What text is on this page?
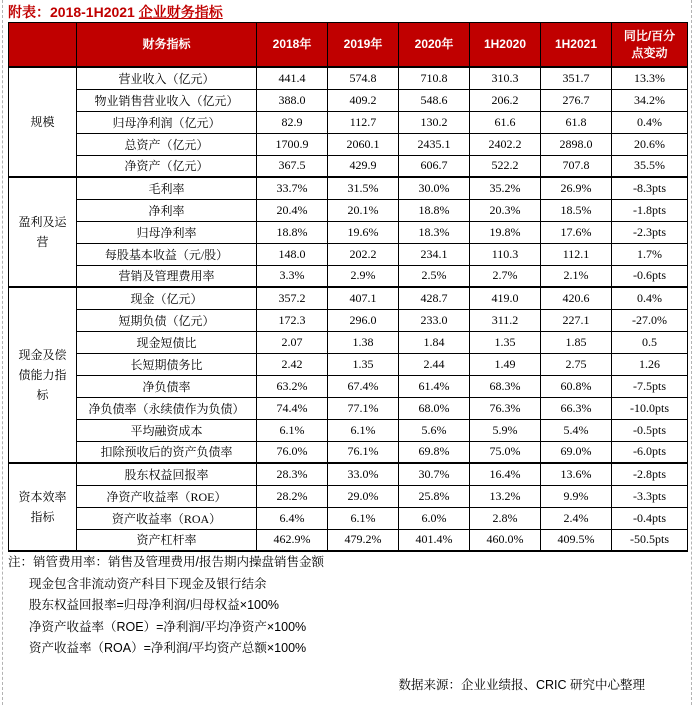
附表：2018-1H2021 企业财务指标
	财务指标	2018年	2019年	2020年	1H2020	1H2021	同比/百分点变动
规模	营业收入（亿元）	441.4	574.8	710.8	310.3	351.7	13.3%
	物业销售营业收入（亿元）	388.0	409.2	548.6	206.2	276.7	34.2%
	归母净利润（亿元）	82.9	112.7	130.2	61.6	61.8	0.4%
	总资产（亿元）	1700.9	2060.1	2435.1	2402.2	2898.0	20.6%
	净资产（亿元）	367.5	429.9	606.7	522.2	707.8	35.5%
盈利及运营	毛利率	33.7%	31.5%	30.0%	35.2%	26.9%	-8.3pts
	净利率	20.4%	20.1%	18.8%	20.3%	18.5%	-1.8pts
	归母净利率	18.8%	19.6%	18.3%	19.8%	17.6%	-2.3pts
	每股基本收益（元/股）	148.0	202.2	234.1	110.3	112.1	1.7%
	营销及管理费用率	3.3%	2.9%	2.5%	2.7%	2.1%	-0.6pts
现金及偿债能力指标	现金（亿元）	357.2	407.1	428.7	419.0	420.6	0.4%
	短期负债（亿元）	172.3	296.0	233.0	311.2	227.1	-27.0%
	现金短债比	2.07	1.38	1.84	1.35	1.85	0.5
	长短期债务比	2.42	1.35	2.44	1.49	2.75	1.26
	净负债率	63.2%	67.4%	61.4%	68.3%	60.8%	-7.5pts
	净负债率（永续债作为负债）	74.4%	77.1%	68.0%	76.3%	66.3%	-10.0pts
	平均融资成本	6.1%	6.1%	5.6%	5.9%	5.4%	-0.5pts
	扣除预收后的资产负债率	76.0%	76.1%	69.8%	75.0%	69.0%	-6.0pts
资本效率指标	股东权益回报率	28.3%	33.0%	30.7%	16.4%	13.6%	-2.8pts
	净资产收益率（ROE）	28.2%	29.0%	25.8%	13.2%	9.9%	-3.3pts
	资产收益率（ROA）	6.4%	6.1%	6.0%	2.8%	2.4%	-0.4pts
	资产杠杆率	462.9%	479.2%	401.4%	460.0%	409.5%	-50.5pts
注：销管费用率：销售及管理费用/报告期内操盘销售金额
现金包含非流动资产科目下现金及银行结余
股东权益回报率=归母净利润/归母权益×100%
净资产收益率（ROE）=净利润/平均净资产×100%
资产收益率（ROA）=净利润/平均资产总额×100%
数据来源：企业业绩报、CRIC 研究中心整理
